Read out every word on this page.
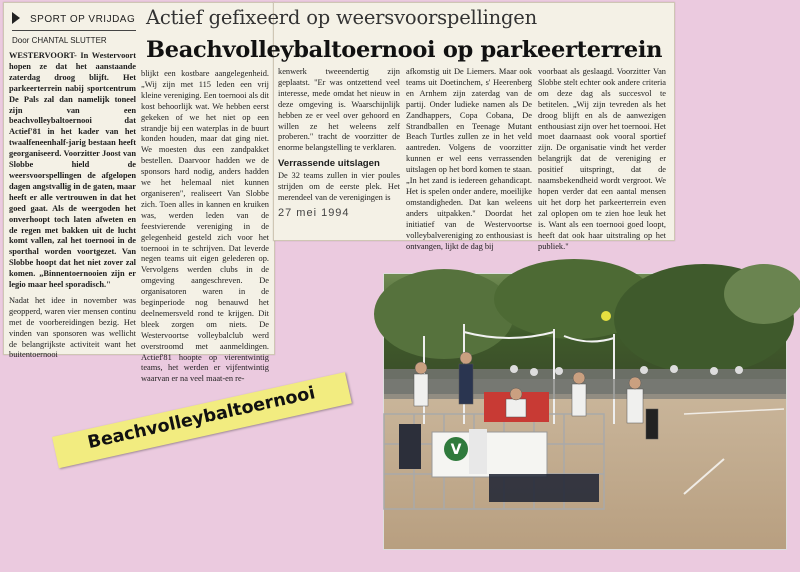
SPORT OP VRIJDAG
Door CHANTAL SLUTTER
WESTERVOORT- In Westervoort hopen ze dat het aanstaande zaterdag droog blijft. Het parkeerterrein nabij sportcentrum De Pals zal dan namelijk toneel zijn van een beachvolleybaltoernooi dat Actief'81 in het kader van het twaalfeneenhalf-jarig bestaan heeft georganiseerd. Voorzitter Joost van Slobbe hield de weersvoorspellingen de afgelopen dagen angstvallig in de gaten, maar heeft er alle vertrouwen in dat het goed gaat. Als de weergoden het onverhoopt toch laten afweten en de regen met bakken uit de lucht komt vallen, zal het toernooi in de sporthal worden voortgezet. Van Slobbe hoopt dat het niet zover zal komen. „Binnentoernooien zijn er legio maar heel sporadisch."
Nadat het idee in november was geopperd, waren vier mensen continu met de voorbereidingen bezig. Het vinden van sponsoren was wellicht de belangrijkste activiteit want het buitentoernooi
blijkt een kostbare aangelegenheid. „Wij zijn met 115 leden een vrij kleine vereniging. Een toernooi als dit kost behoorlijk wat. We hebben eerst gekeken of we het niet op een strandje bij een waterplas in de buurt konden houden, maar dat ging niet. We moesten dus een zandpakket bestellen. Daarvoor hadden we de sponsors hard nodig, anders hadden we het helemaal niet kunnen organiseren", realiseert Van Slobbe zich. Toen alles in kannen en kruiken was, werden leden van de feestvierende vereniging in de gelegenheid gesteld zich voor het toernooi in te schrijven. Dat leverde negen teams uit eigen gelederen op. Vervolgens werden clubs in de omgeving aangeschreven. De organisatoren waren in de beginperiode nog benauwd het deelnemersveld rond te krijgen. Dit bleek zorgen om niets. De Westervoortse volleybalclub werd overstroomd met aanmeldingen. Actief'81 hoopte op vierentwintig teams, het werden er vijfentwintig waarvan er na veel maat-en re-
kenwerk tweeendertig zijn geplaatst. "Er was ontzettend veel interesse, mede omdat het nieuw in deze omgeving is. Waarschijnlijk hebben ze er veel over gehoord en willen ze het weleens zelf proberen." tracht de voorzitter de enorme belangstelling te verklaren.
Verrassende uitslagen
De 32 teams zullen in vier poules strijden om de eerste plek. Het merendeel van de verenigingen is
afkomstig uit De Liemers. Maar ook teams uit Doetinchem, s' Heerenberg en Arnhem zijn zaterdag van de partij. Onder ludieke namen als De Zandhappers, Copa Cobana, De Strandballen en Teenage Mutant Beach Turtles zullen ze in het veld aantreden. Volgens de voorzitter kunnen er wel eens verrassenden uitslagen op het bord komen te staan. „In het zand is iedereen gehandicapt. Het is spelen onder andere, moeilijke omstandigheden. Dat kan weleens anders uitpakken." Doordat het initiatief van de Westervoortse volleybalvereniging zo enthousiast is ontvangen, lijkt de dag bij
voorbaat als geslaagd. Voorzitter Van Slobbe stelt echter ook andere criteria om deze dag als succesvol te betitelen. „Wij zijn tevreden als het droog blijft en als de aanwezigen enthousiast zijn over het toernooi. Het moet daarnaast ook vooral sportief zijn. De organisatie vindt het verder belangrijk dat de vereniging er positief uitspringt, dat de naamsbekendheid wordt vergroot. We hopen verder dat een aantal mensen uit het dorp het parkeerterrein even zal oplopen om te zien hoe leuk het is. Want als een toernooi goed loopt, heeft dat ook haar uitstraling op het publiek."
Actief gefixeerd op weersvoorspellingen
Beachvolleybaltoernooi op parkeerterrein
27 mei 1994
V
Beachvolleybaltoernooi
